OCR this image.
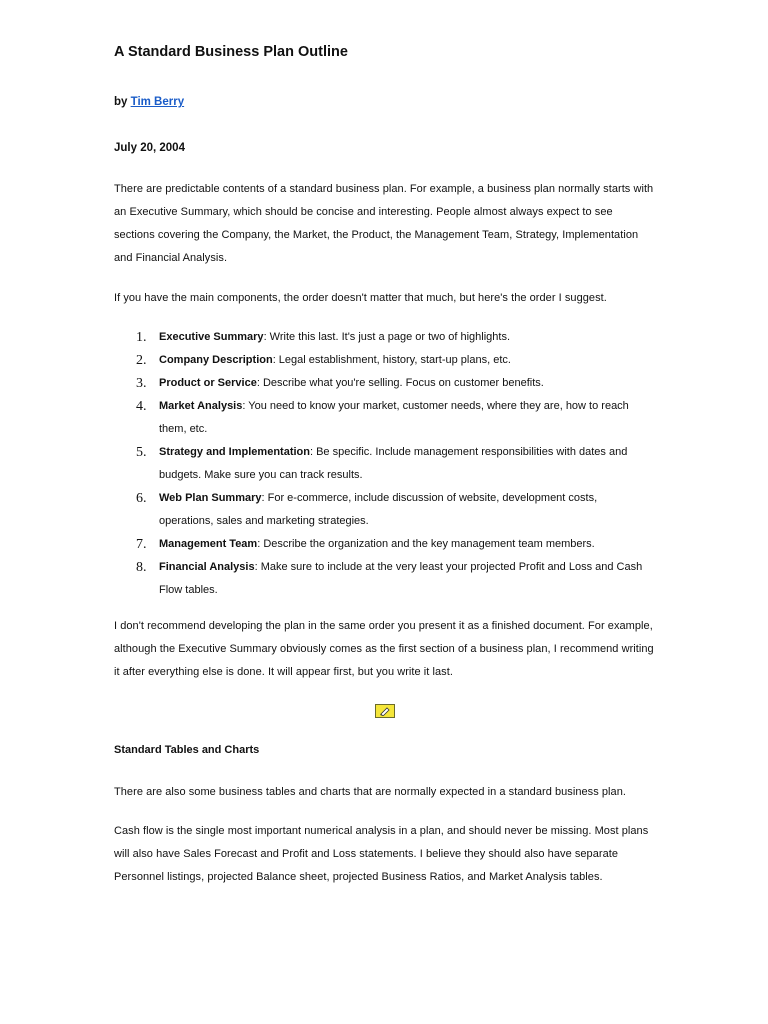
A Standard Business Plan Outline

by Tim Berry

July 20, 2004

There are predictable contents of a standard business plan. For example, a business plan normally starts with an Executive Summary, which should be concise and interesting. People almost always expect to see sections covering the Company, the Market, the Product, the Management Team, Strategy, Implementation and Financial Analysis.

If you have the main components, the order doesn't matter that much, but here's the order I suggest.

1. Executive Summary: Write this last. It's just a page or two of highlights.
2. Company Description: Legal establishment, history, start-up plans, etc.
3. Product or Service: Describe what you're selling. Focus on customer benefits.
4. Market Analysis: You need to know your market, customer needs, where they are, how to reach them, etc.
5. Strategy and Implementation: Be specific. Include management responsibilities with dates and budgets. Make sure you can track results.
6. Web Plan Summary: For e-commerce, include discussion of website, development costs, operations, sales and marketing strategies.
7. Management Team: Describe the organization and the key management team members.
8. Financial Analysis: Make sure to include at the very least your projected Profit and Loss and Cash Flow tables.

I don't recommend developing the plan in the same order you present it as a finished document. For example, although the Executive Summary obviously comes as the first section of a business plan, I recommend writing it after everything else is done. It will appear first, but you write it last.

Standard Tables and Charts

There are also some business tables and charts that are normally expected in a standard business plan.

Cash flow is the single most important numerical analysis in a plan, and should never be missing. Most plans will also have Sales Forecast and Profit and Loss statements. I believe they should also have separate Personnel listings, projected Balance sheet, projected Business Ratios, and Market Analysis tables.
